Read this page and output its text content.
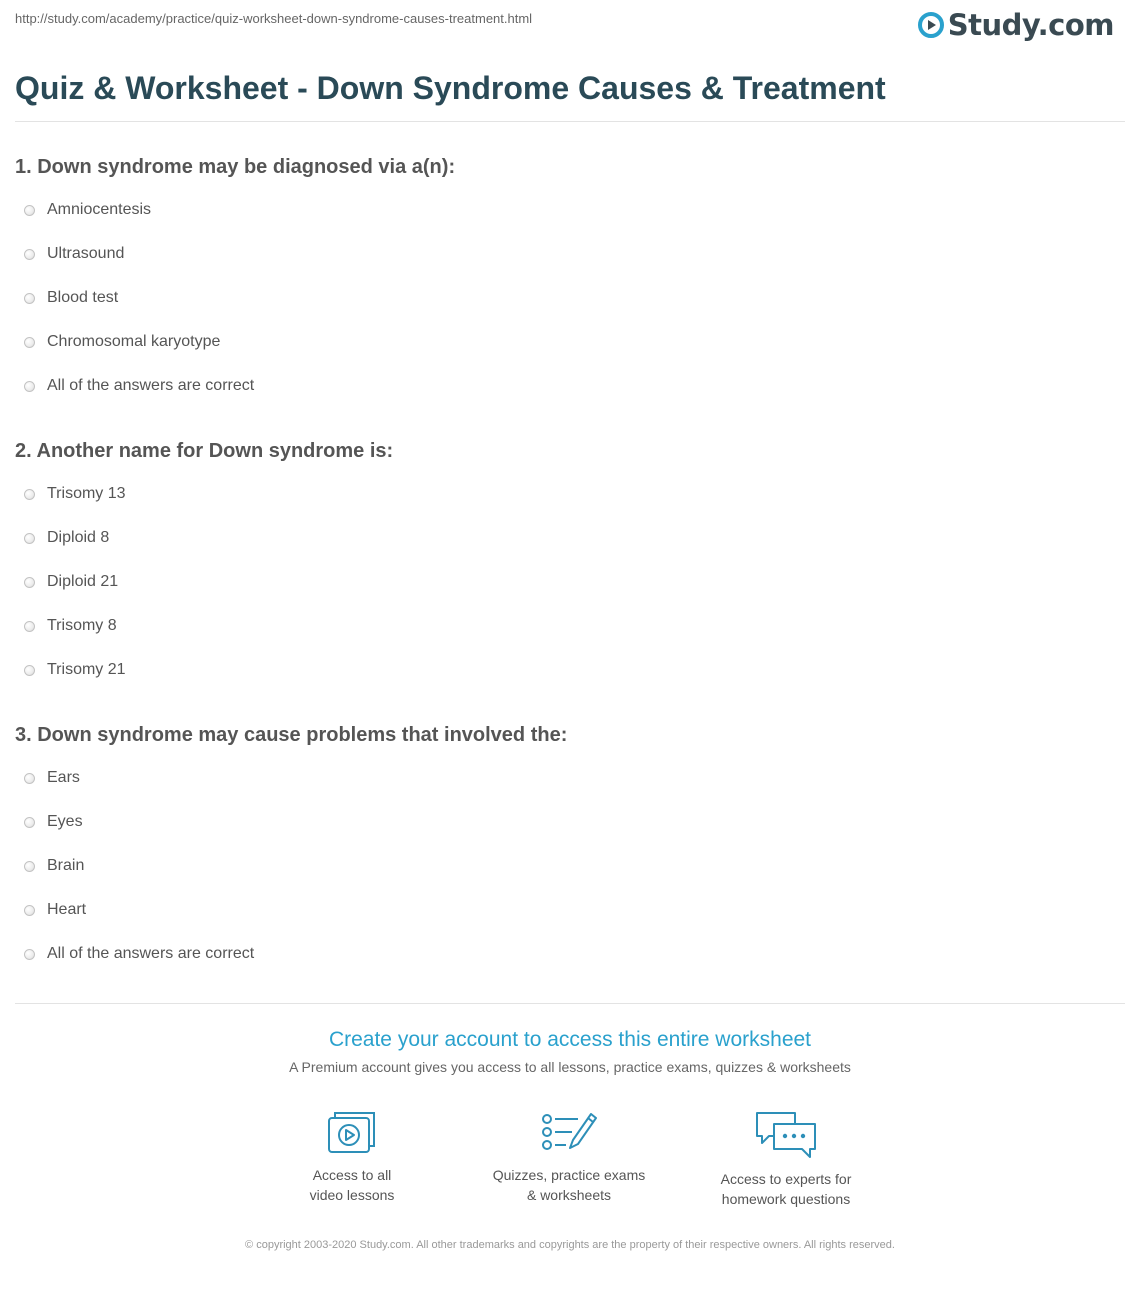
http://study.com/academy/practice/quiz-worksheet-down-syndrome-causes-treatment.html	Study.com
Quiz & Worksheet - Down Syndrome Causes & Treatment

1. Down syndrome may be diagnosed via a(n):

Amniocentesis
Ultrasound
Blood test
Chromosomal karyotype
All of the answers are correct

2. Another name for Down syndrome is:

Trisomy 13
Diploid 8
Diploid 21
Trisomy 8
Trisomy 21

3. Down syndrome may cause problems that involved the:

Ears
Eyes
Brain
Heart
All of the answers are correct
Create your account to access this entire worksheet
A Premium account gives you access to all lessons, practice exams, quizzes & worksheets
Access to all
video lessons
Quizzes, practice exams
& worksheets
Access to experts for
homework questions
© copyright 2003-2020 Study.com. All other trademarks and copyrights are the property of their respective owners. All rights reserved.
